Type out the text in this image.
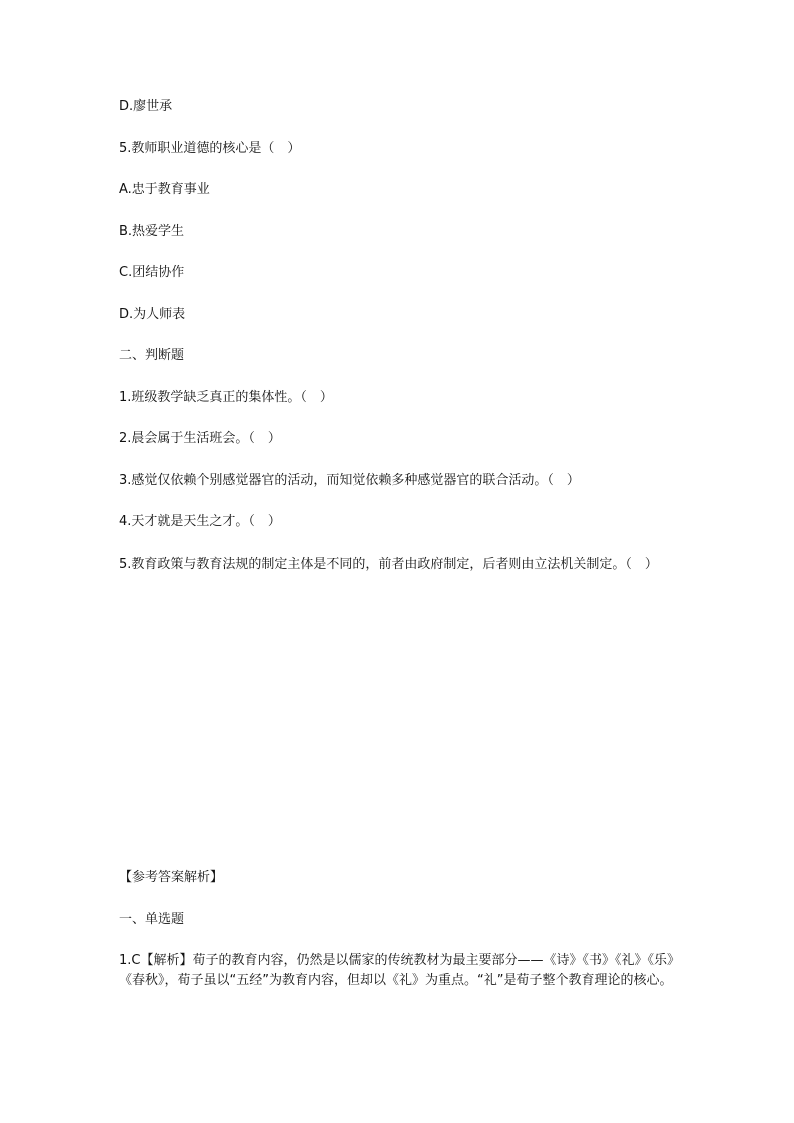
D.廖世承
5.教师职业道德的核心是（　）
A.忠于教育事业
B.热爱学生
C.团结协作
D.为人师表
二、判断题
1.班级教学缺乏真正的集体性。（　）
2.晨会属于生活班会。（　）
3.感觉仅依赖个别感觉器官的活动，而知觉依赖多种感觉器官的联合活动。（　）
4.天才就是天生之才。（　）
5.教育政策与教育法规的制定主体是不同的，前者由政府制定，后者则由立法机关制定。（　）
【参考答案解析】
一、单选题
1.C【解析】荀子的教育内容，仍然是以儒家的传统教材为最主要部分——《诗》《书》《礼》《乐》《春秋》，荀子虽以“五经”为教育内容，但却以《礼》为重点。“礼”是荀子整个教育理论的核心。
